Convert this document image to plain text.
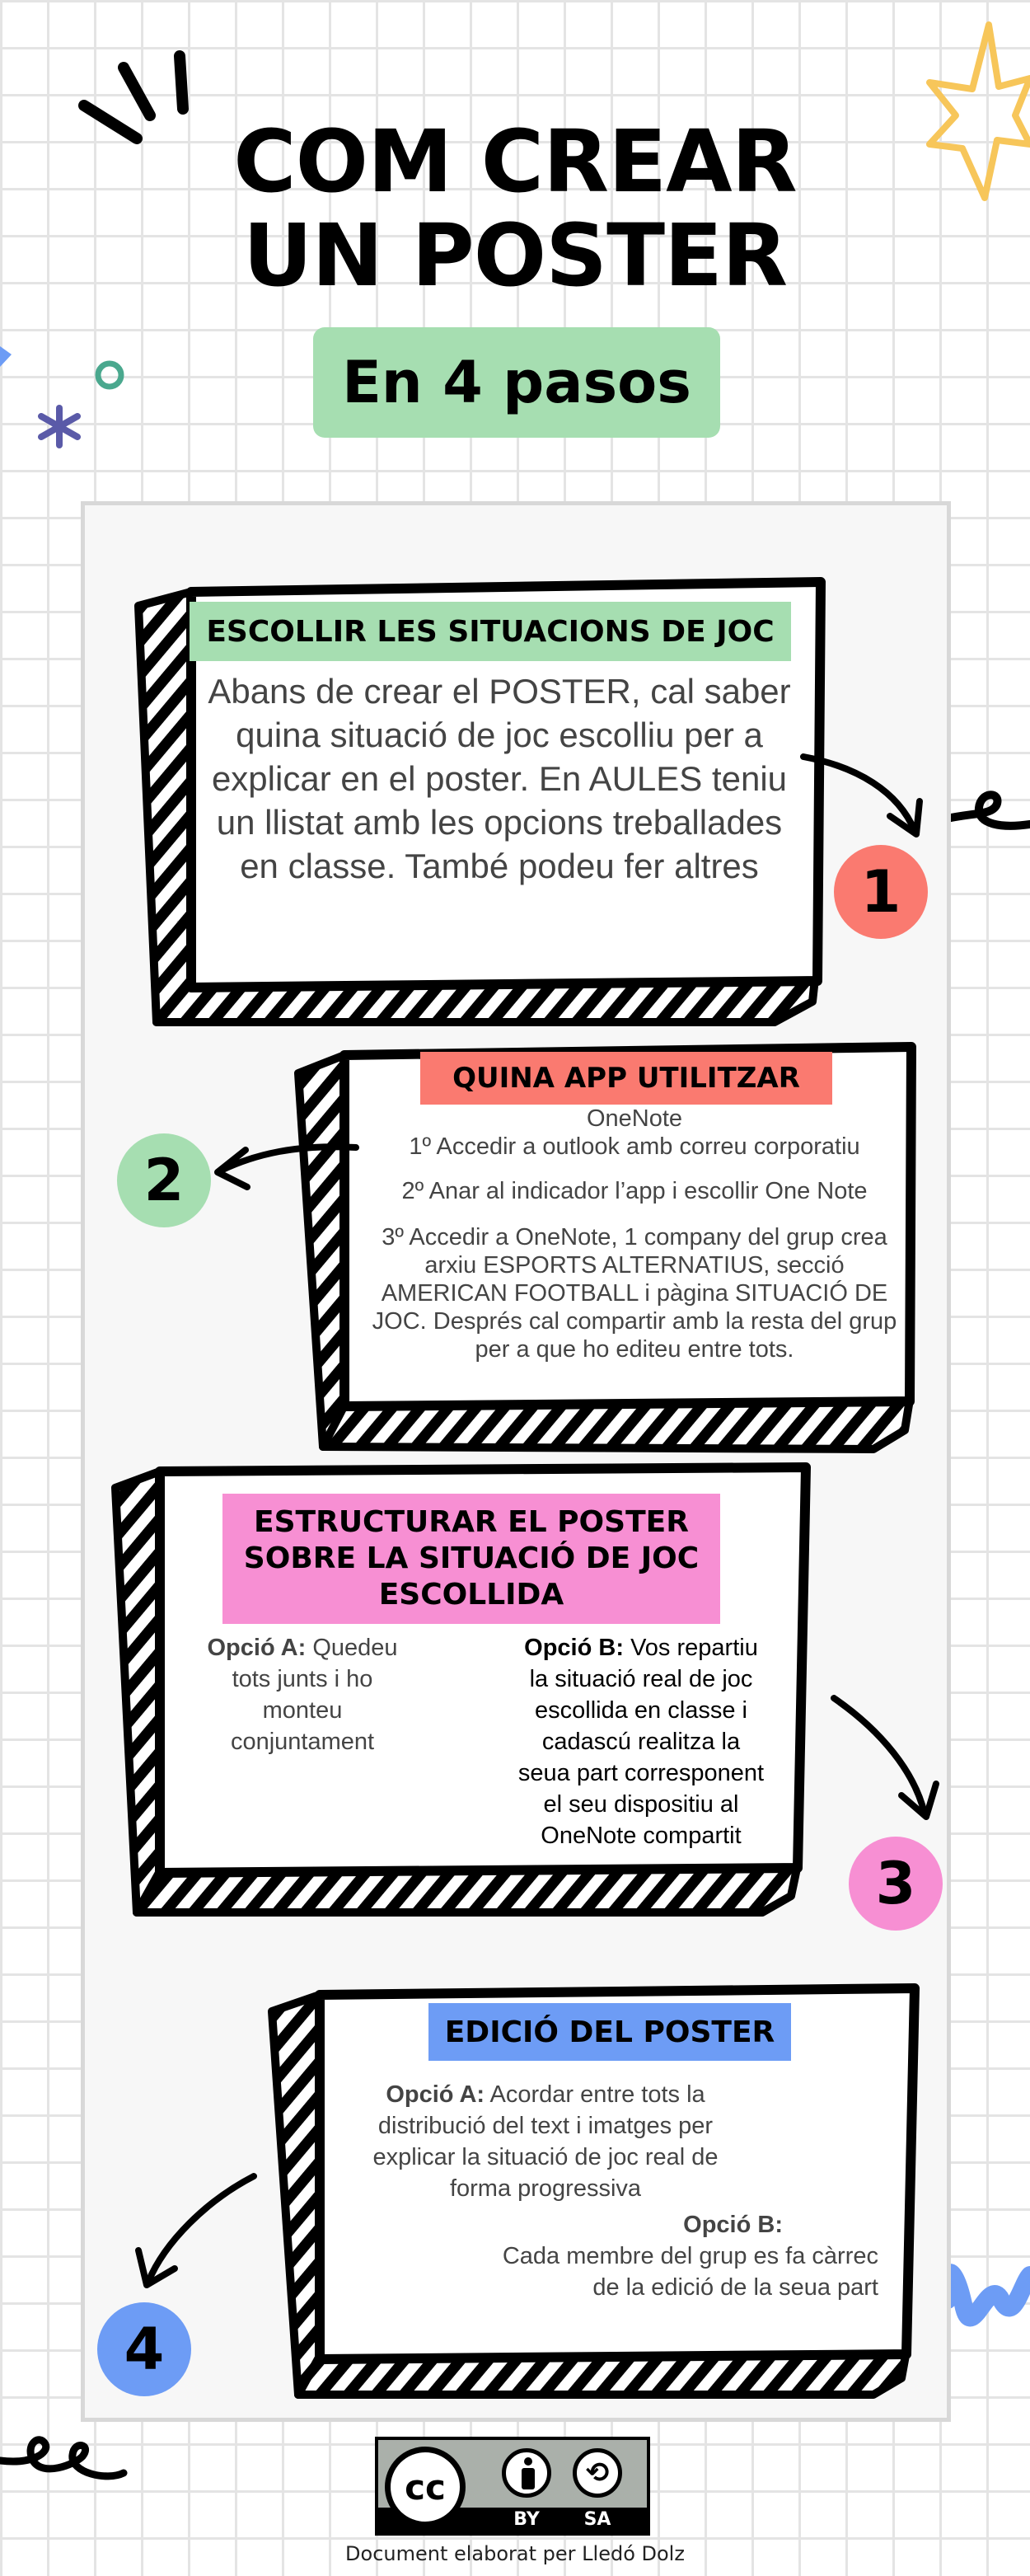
COM CREAR
UN POSTER
En 4 pasos
ESCOLLIR LES SITUACIONS DE JOC
Abans de crear el POSTER, cal saber quina situació de joc escolliu per a explicar en el poster. En AULES teniu un llistat amb les opcions treballades en classe. També podeu fer altres	1
QUINA APP UTILITZAR
OneNote
1º Accedir a outlook amb correu corporatiu
2º Anar al indicador l’app i escollir One Note
3º Accedir a OneNote, 1 company del grup crea arxiu ESPORTS ALTERNATIUS, secció AMERICAN FOOTBALL i pàgina SITUACIÓ DE JOC. Després cal compartir amb la resta del grup per a que ho editeu entre tots.
2
ESTRUCTURAR EL POSTER SOBRE LA SITUACIÓ DE JOC ESCOLLIDA
Opció A: Quedeu tots junts i ho monteu conjuntament
Opció B: Vos repartiu la situació real de joc escollida en classe i cadascú realitza la seua part corresponent el seu dispositiu al OneNote compartit
3
EDICIÓ DEL POSTER
Opció A: Acordar entre tots la distribució del text i imatges per explicar la situació de joc real de forma progressiva
Opció B:
Cada membre del grup es fa càrrec de la edició de la seua part
4
cc	⟲
BY	SA
Document elaborat per Lledó Dolz
